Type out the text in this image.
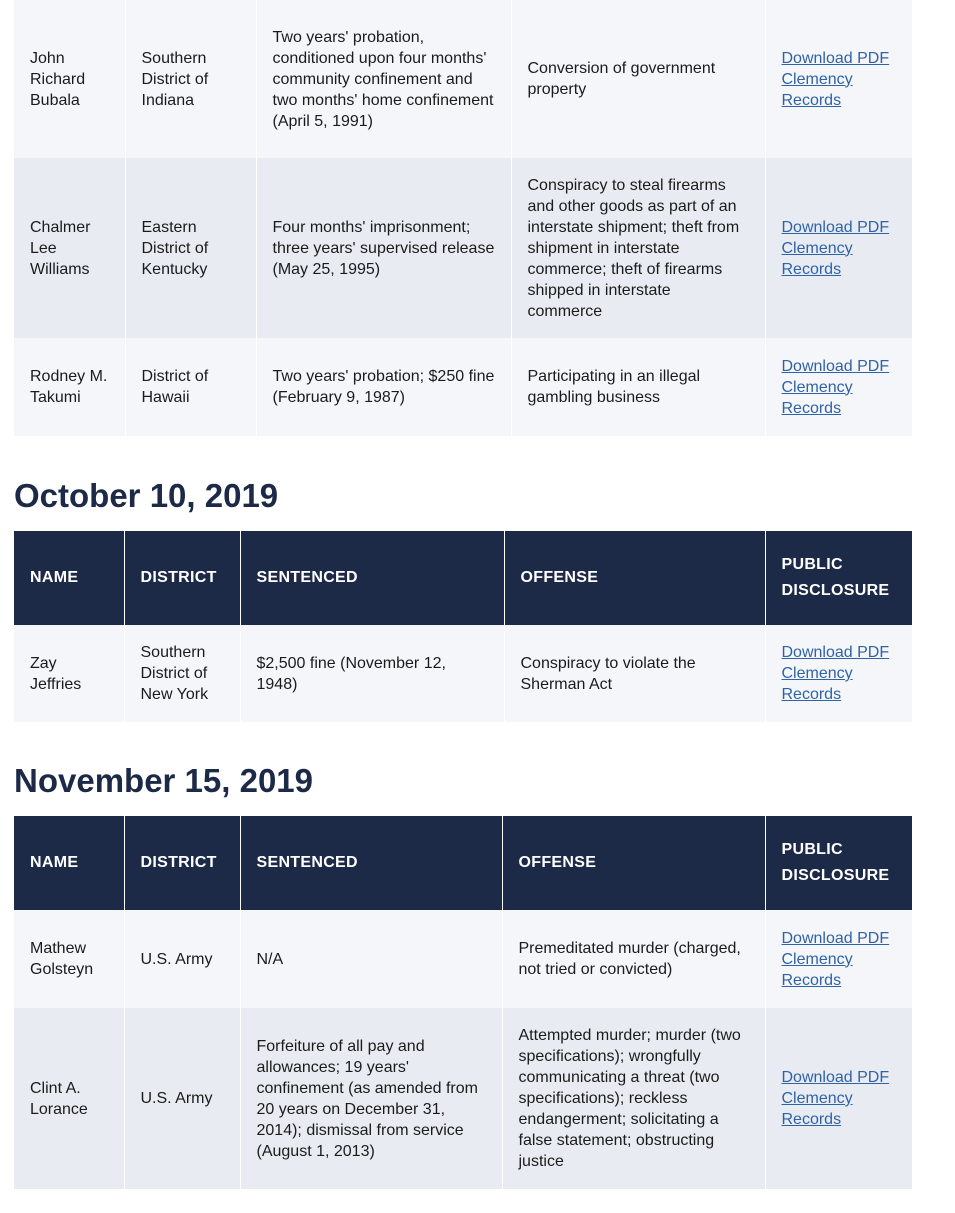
John Richard Bubala	Southern District of Indiana	Two years' probation, conditioned upon four months' community confinement and two months' home confinement (April 5, 1991)	Conversion of government property	Download PDF Clemency Records
Chalmer Lee Williams	Eastern District of Kentucky	Four months' imprisonment; three years' supervised release (May 25, 1995)	Conspiracy to steal firearms and other goods as part of an interstate shipment; theft from shipment in interstate commerce; theft of firearms shipped in interstate commerce	Download PDF Clemency Records
Rodney M. Takumi	District of Hawaii	Two years' probation; $250 fine (February 9, 1987)	Participating in an illegal gambling business	Download PDF Clemency Records
October 10, 2019
NAME	DISTRICT	SENTENCED	OFFENSE	PUBLIC DISCLOSURE
Zay Jeffries	Southern District of New York	$2,500 fine (November 12, 1948)	Conspiracy to violate the Sherman Act	Download PDF Clemency Records
November 15, 2019
NAME	DISTRICT	SENTENCED	OFFENSE	PUBLIC DISCLOSURE
Mathew Golsteyn	U.S. Army	N/A	Premeditated murder (charged, not tried or convicted)	Download PDF Clemency Records
Clint A. Lorance	U.S. Army	Forfeiture of all pay and allowances; 19 years' confinement (as amended from 20 years on December 31, 2014); dismissal from service (August 1, 2013)	Attempted murder; murder (two specifications); wrongfully communicating a threat (two specifications); reckless endangerment; solicitating a false statement; obstructing justice	Download PDF Clemency Records
